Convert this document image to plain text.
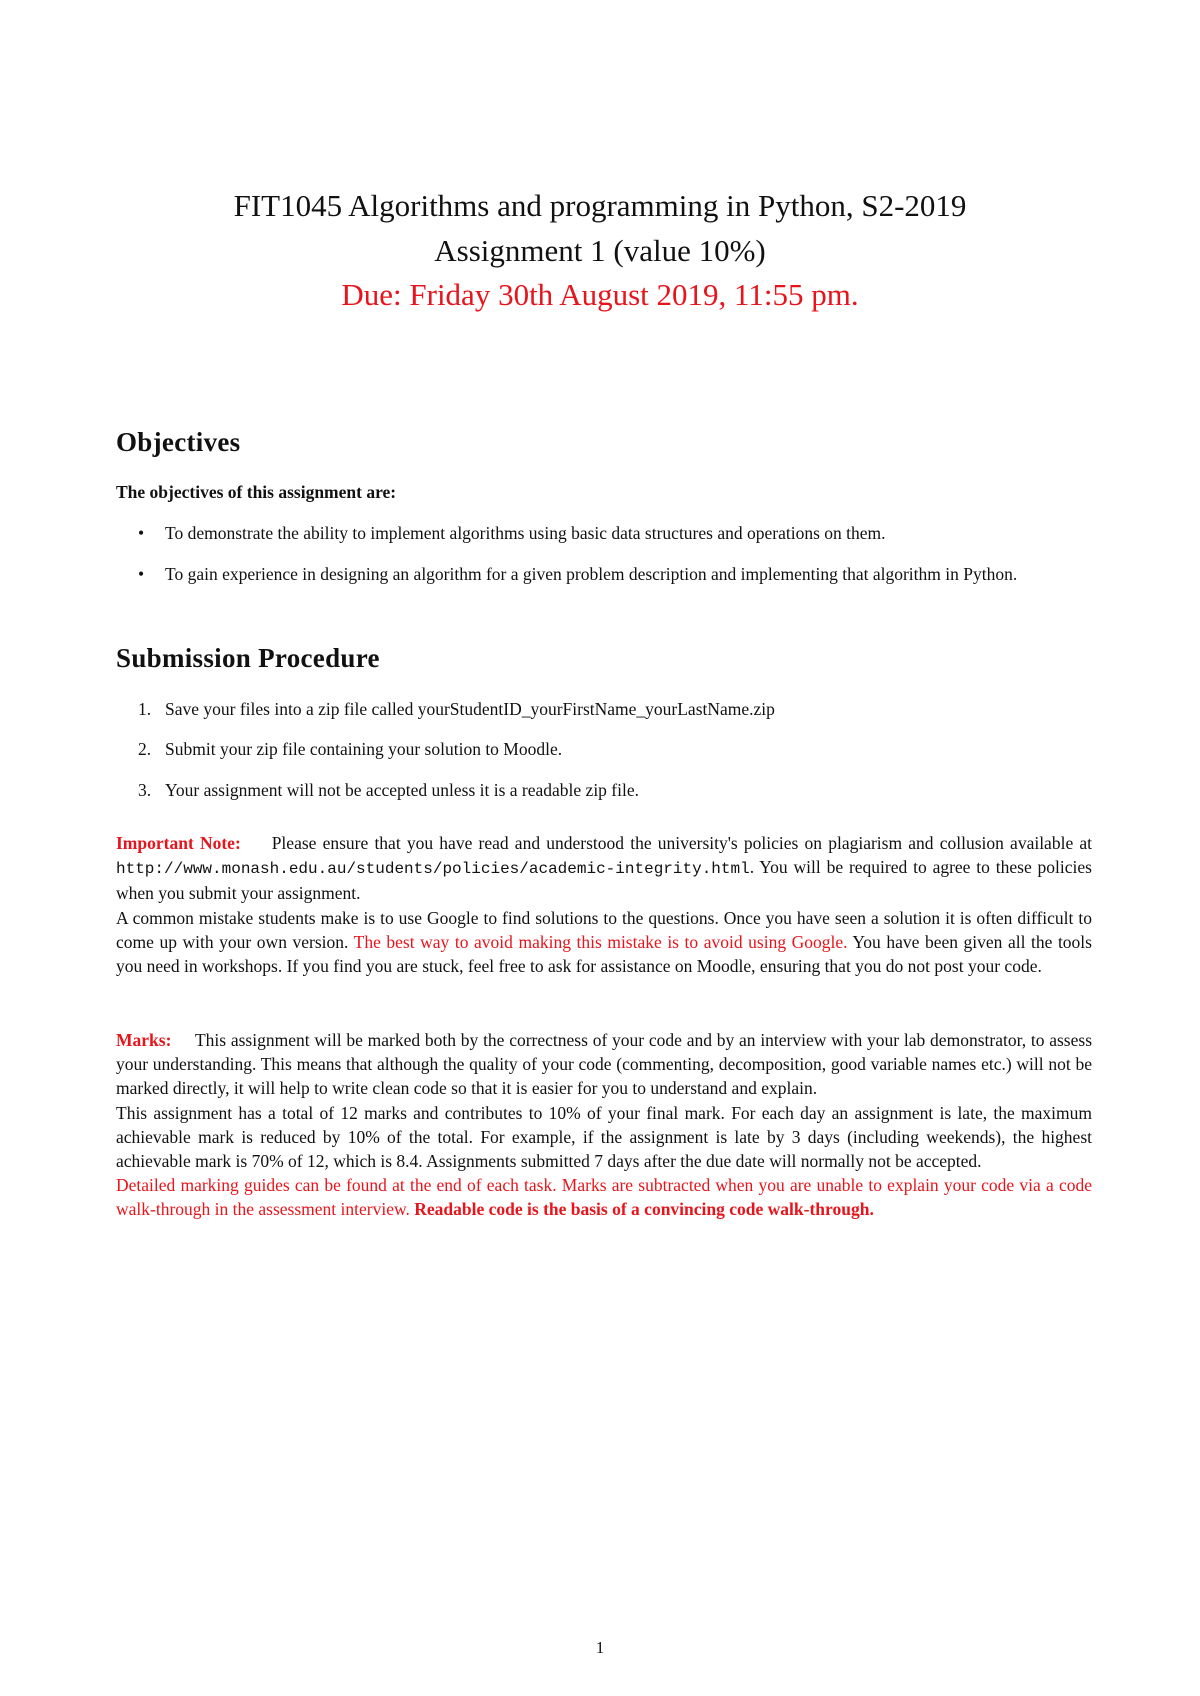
FIT1045 Algorithms and programming in Python, S2-2019
Assignment 1 (value 10%)
Due: Friday 30th August 2019, 11:55 pm.
Objectives
The objectives of this assignment are:
•	To demonstrate the ability to implement algorithms using basic data structures and operations on them.
•	To gain experience in designing an algorithm for a given problem description and implementing that algorithm in Python.
Submission Procedure
1. Save your files into a zip file called yourStudentID_yourFirstName_yourLastName.zip
2. Submit your zip file containing your solution to Moodle.
3. Your assignment will not be accepted unless it is a readable zip file.
Important Note: Please ensure that you have read and understood the university's policies on plagiarism and collusion available at http://www.monash.edu.au/students/policies/academic-integrity.html. You will be required to agree to these policies when you submit your assignment.
A common mistake students make is to use Google to find solutions to the questions. Once you have seen a solution it is often difficult to come up with your own version. The best way to avoid making this mistake is to avoid using Google. You have been given all the tools you need in workshops. If you find you are stuck, feel free to ask for assistance on Moodle, ensuring that you do not post your code.
Marks: This assignment will be marked both by the correctness of your code and by an interview with your lab demonstrator, to assess your understanding. This means that although the quality of your code (commenting, decomposition, good variable names etc.) will not be marked directly, it will help to write clean code so that it is easier for you to understand and explain.
This assignment has a total of 12 marks and contributes to 10% of your final mark. For each day an assignment is late, the maximum achievable mark is reduced by 10% of the total. For example, if the assignment is late by 3 days (including weekends), the highest achievable mark is 70% of 12, which is 8.4. Assignments submitted 7 days after the due date will normally not be accepted.
Detailed marking guides can be found at the end of each task. Marks are subtracted when you are unable to explain your code via a code walk-through in the assessment interview. Readable code is the basis of a convincing code walk-through.
1
